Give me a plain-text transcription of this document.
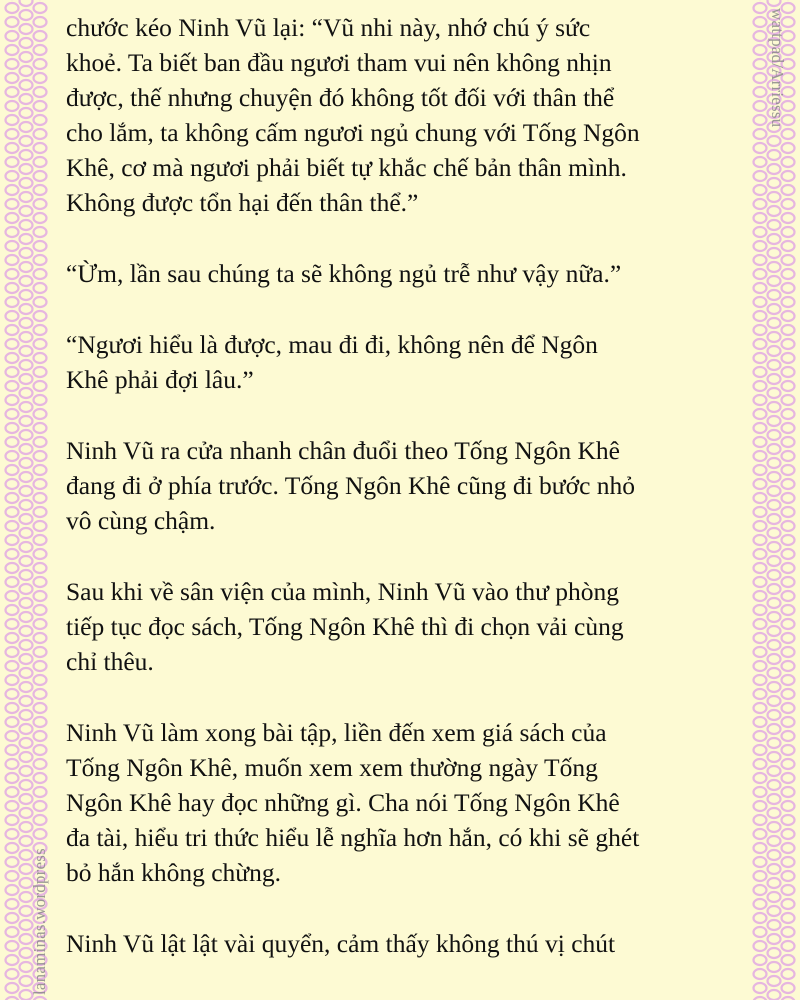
wattpad/Arriessu
lanaminas.wordpress

chước kéo Ninh Vũ lại: “Vũ nhi này, nhớ chú ý sức
khoẻ. Ta biết ban đầu ngươi tham vui nên không nhịn
được, thế nhưng chuyện đó không tốt đối với thân thể
cho lắm, ta không cấm ngươi ngủ chung với Tống Ngôn
Khê, cơ mà ngươi phải biết tự khắc chế bản thân mình.
Không được tổn hại đến thân thể.”

“Ừm, lần sau chúng ta sẽ không ngủ trễ như vậy nữa.”

“Ngươi hiểu là được, mau đi đi, không nên để Ngôn
Khê phải đợi lâu.”

Ninh Vũ ra cửa nhanh chân đuổi theo Tống Ngôn Khê
đang đi ở phía trước. Tống Ngôn Khê cũng đi bước nhỏ
vô cùng chậm.

Sau khi về sân viện của mình, Ninh Vũ vào thư phòng
tiếp tục đọc sách, Tống Ngôn Khê thì đi chọn vải cùng
chỉ thêu.

Ninh Vũ làm xong bài tập, liền đến xem giá sách của
Tống Ngôn Khê, muốn xem xem thường ngày Tống
Ngôn Khê hay đọc những gì. Cha nói Tống Ngôn Khê
đa tài, hiểu tri thức hiểu lễ nghĩa hơn hắn, có khi sẽ ghét
bỏ hắn không chừng.

Ninh Vũ lật lật vài quyển, cảm thấy không thú vị chút
